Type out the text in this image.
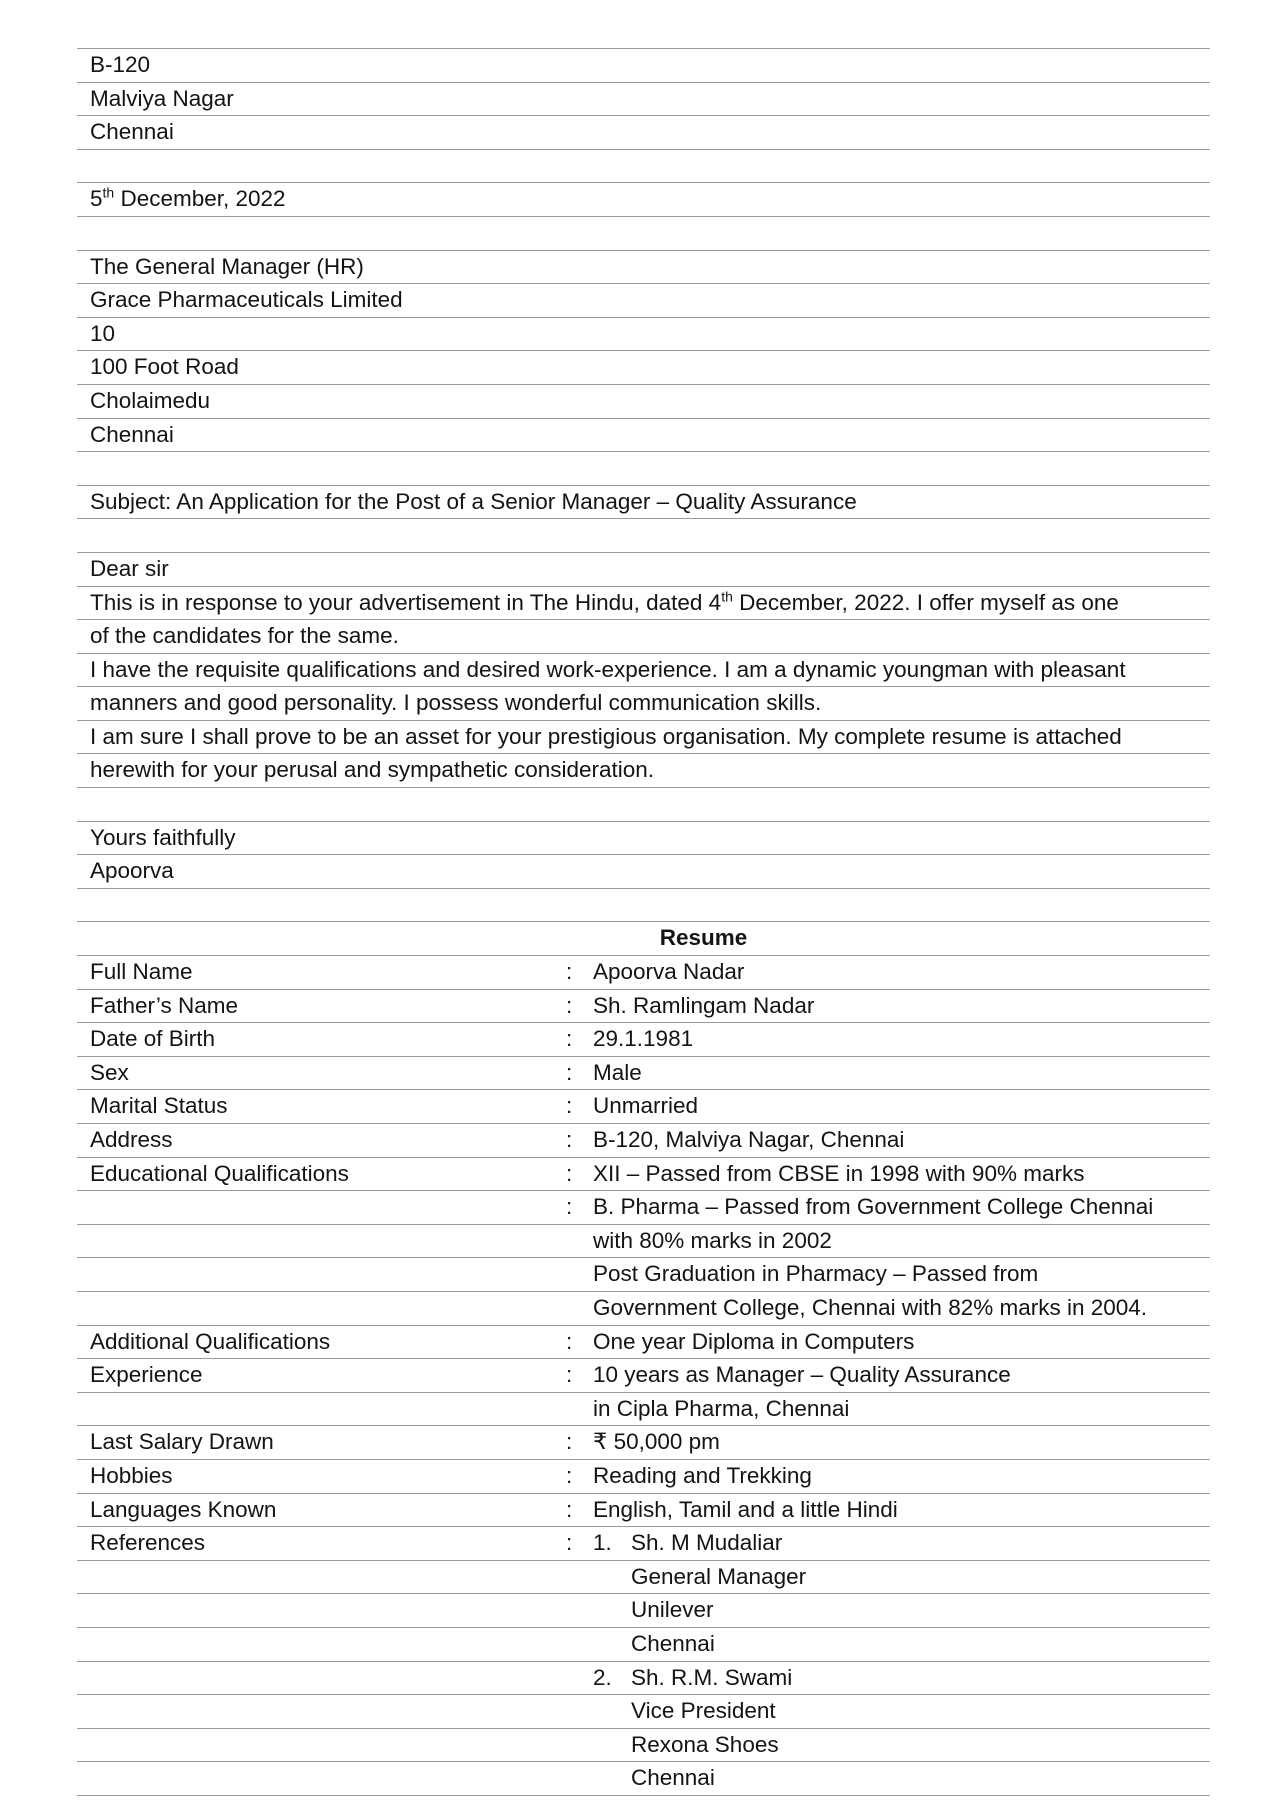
B-120
Malviya Nagar
Chennai
5th December, 2022
The General Manager (HR)
Grace Pharmaceuticals Limited
10
100 Foot Road
Cholaimedu
Chennai
Subject: An Application for the Post of a Senior Manager – Quality Assurance
Dear sir
This is in response to your advertisement in The Hindu, dated 4th December, 2022. I offer myself as one
of the candidates for the same.
I have the requisite qualifications and desired work-experience. I am a dynamic youngman with pleasant
manners and good personality. I possess wonderful communication skills.
I am sure I shall prove to be an asset for your prestigious organisation. My complete resume is attached
herewith for your perusal and sympathetic consideration.
Yours faithfully
Apoorva
Resume
Full Name	: Apoorva Nadar
Father’s Name	: Sh. Ramlingam Nadar
Date of Birth	: 29.1.1981
Sex	: Male
Marital Status	: Unmarried
Address	: B-120, Malviya Nagar, Chennai
Educational Qualifications	: XII – Passed from CBSE in 1998 with 90% marks
: B. Pharma – Passed from Government College Chennai
with 80% marks in 2002
Post Graduation in Pharmacy – Passed from
Government College, Chennai with 82% marks in 2004.
Additional Qualifications	: One year Diploma in Computers
Experience	: 10 years as Manager – Quality Assurance
in Cipla Pharma, Chennai
Last Salary Drawn	: ₹ 50,000 pm
Hobbies	: Reading and Trekking
Languages Known	: English, Tamil and a little Hindi
References	: 1. Sh. M Mudaliar
General Manager
Unilever
Chennai
2. Sh. R.M. Swami
Vice President
Rexona Shoes
Chennai
